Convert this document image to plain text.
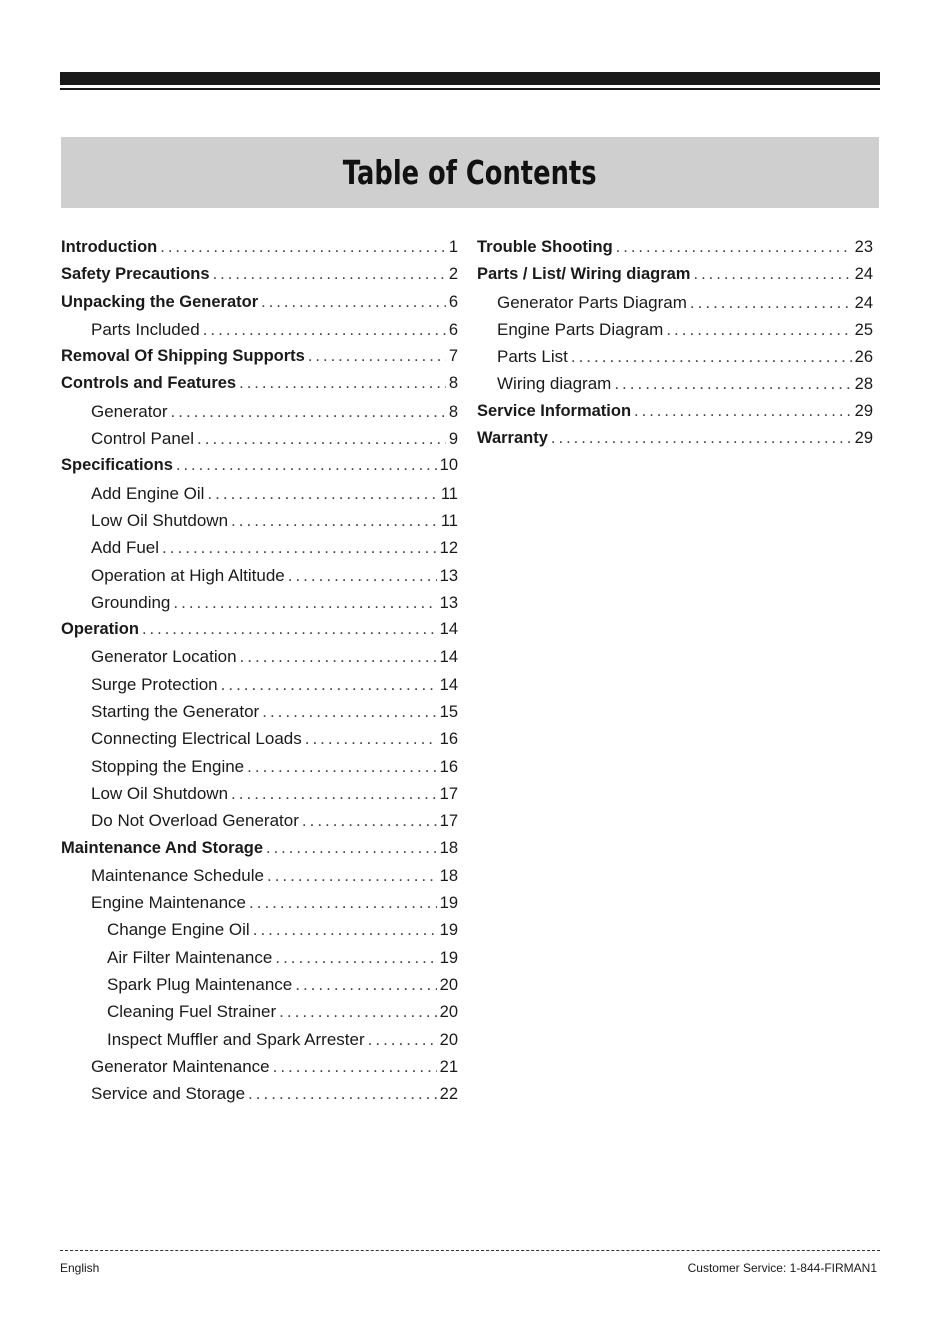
Table of Contents
Introduction .....	1
Safety Precautions .....	2
Unpacking the Generator .....	6
Parts Included .....	6
Removal Of Shipping Supports .....	7
Controls and Features .....	8
Generator .....	8
Control Panel .....	9
Specifications .....	10
Add Engine Oil .....	11
Low Oil Shutdown .....	11
Add Fuel .....	12
Operation at High Altitude .....	13
Grounding .....	13
Operation .....	14
Generator Location .....	14
Surge Protection .....	14
Starting the Generator .....	15
Connecting Electrical Loads .....	16
Stopping the Engine .....	16
Low Oil Shutdown .....	17
Do Not Overload Generator .....	17
Maintenance And Storage .....	18
Maintenance Schedule .....	18
Engine Maintenance .....	19
Change Engine Oil .....	19
Air Filter Maintenance .....	19
Spark Plug Maintenance .....	20
Cleaning Fuel Strainer .....	20
Inspect Muffler and Spark Arrester .....	20
Generator Maintenance .....	21
Service and Storage .....	22
Trouble Shooting .....	23
Parts / List/ Wiring diagram .....	24
Generator Parts Diagram .....	24
Engine Parts Diagram .....	25
Parts List .....	26
Wiring diagram .....	28
Service Information .....	29
Warranty .....	29
English	Customer Service: 1-844-FIRMAN1
